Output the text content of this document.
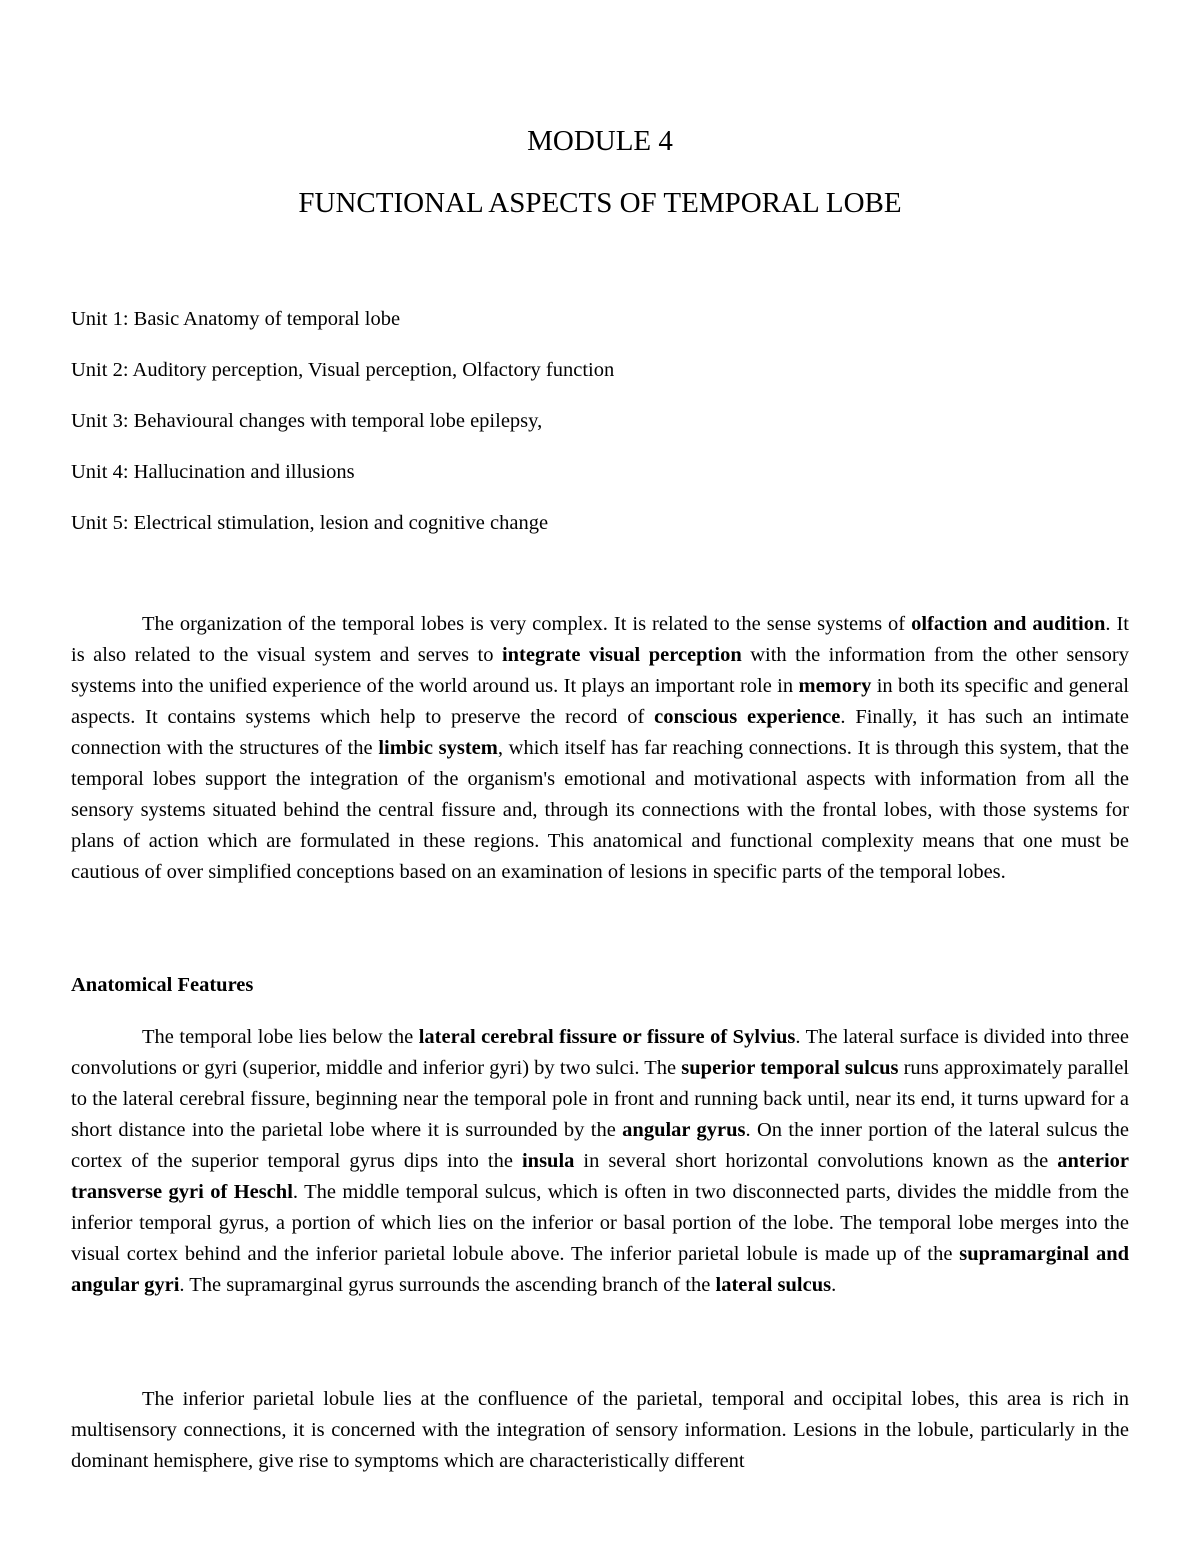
MODULE 4
FUNCTIONAL ASPECTS OF TEMPORAL LOBE
Unit 1: Basic Anatomy of temporal lobe
Unit 2: Auditory perception, Visual perception, Olfactory function
Unit 3: Behavioural changes with temporal lobe epilepsy,
Unit 4: Hallucination and illusions
Unit 5: Electrical stimulation, lesion and cognitive change

The organization of the temporal lobes is very complex. It is related to the sense systems of olfaction and audition. It is also related to the visual system and serves to integrate visual perception with the information from the other sensory systems into the unified experience of the world around us. It plays an important role in memory in both its specific and general aspects. It contains systems which help to preserve the record of conscious experience. Finally, it has such an intimate connection with the structures of the limbic system, which itself has far reaching connections. It is through this system, that the temporal lobes support the integration of the organism's emotional and motivational aspects with information from all the sensory systems situated behind the central fissure and, through its connections with the frontal lobes, with those systems for plans of action which are formulated in these regions. This anatomical and functional complexity means that one must be cautious of over simplified conceptions based on an examination of lesions in specific parts of the temporal lobes.

Anatomical Features

The temporal lobe lies below the lateral cerebral fissure or fissure of Sylvius. The lateral surface is divided into three convolutions or gyri (superior, middle and inferior gyri) by two sulci. The superior temporal sulcus runs approximately parallel to the lateral cerebral fissure, beginning near the temporal pole in front and running back until, near its end, it turns upward for a short distance into the parietal lobe where it is surrounded by the angular gyrus. On the inner portion of the lateral sulcus the cortex of the superior temporal gyrus dips into the insula in several short horizontal convolutions known as the anterior transverse gyri of Heschl. The middle temporal sulcus, which is often in two disconnected parts, divides the middle from the inferior temporal gyrus, a portion of which lies on the inferior or basal portion of the lobe. The temporal lobe merges into the visual cortex behind and the inferior parietal lobule above. The inferior parietal lobule is made up of the supramarginal and angular gyri. The supramarginal gyrus surrounds the ascending branch of the lateral sulcus.

The inferior parietal lobule lies at the confluence of the parietal, temporal and occipital lobes, this area is rich in multisensory connections, it is concerned with the integration of sensory information. Lesions in the lobule, particularly in the dominant hemisphere, give rise to symptoms which are characteristically different
